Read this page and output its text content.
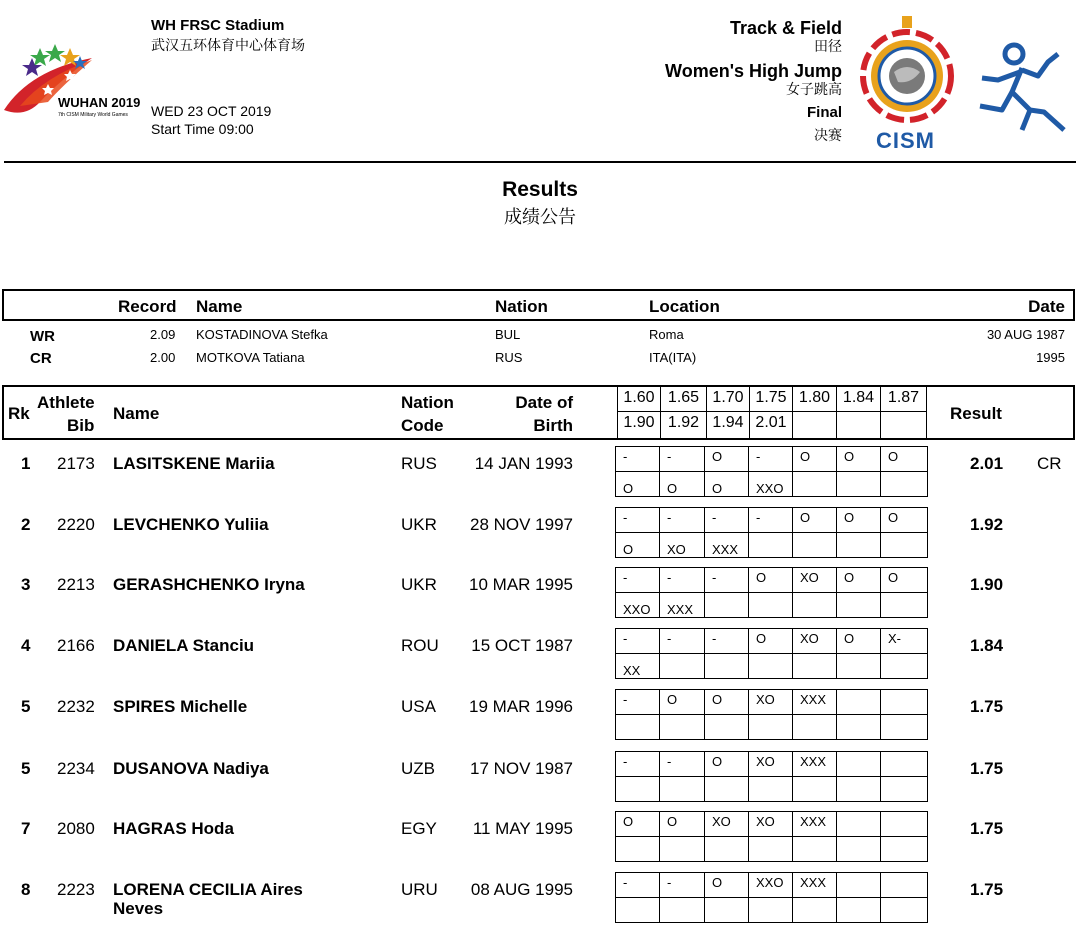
WUHAN 2019
7th CISM Military World Games
WH FRSC Stadium
武汉五环体育中心体育场
WED 23 OCT 2019
Start Time 09:00
Track & Field
田径
Women's High Jump
女子跳高
Final
决赛 CISM
Results
成绩公告
Record Name	Nation	Location	Date
WR	2.09 KOSTADINOVA Stefka	BUL	Roma	30 AUG 1987
CR	2.00 MOTKOVA Tatiana	RUS	ITA(ITA)	1995
Rk
Athlete
Bib
Name
Nation
Code
Date of
Birth
Result
1.60 1.65 1.70 1.75 1.80 1.84 1.87
1.90 1.92 1.94 2.01
1 2173 LASITSKENE Mariia	RUS 14 JAN 1993	2.01 CR
-	-	O	-	O	O	O
O	O	O	XXO
2 2220 LEVCHENKO Yuliia	UKR 28 NOV 1997	1.92
-	-	-	-	O	O	O
O	XO	XXX
3 2213 GERASHCHENKO Iryna	UKR 10 MAR 1995	1.90
-	-	-	O	XO	O	O
XXO	XXX
4 2166 DANIELA Stanciu	ROU 15 OCT 1987	1.84
-	-	-	O	XO	O	X-
XX
5 2232 SPIRES Michelle	USA 19 MAR 1996	1.75
-	O	O	XO	XXX
5 2234 DUSANOVA Nadiya	UZB 17 NOV 1987	1.75
-	-	O	XO	XXX
7 2080 HAGRAS Hoda	EGY 11 MAY 1995	1.75
O	O	XO	XO	XXX
8 2223 LORENA CECILIA Aires Neves
URU 08 AUG 1995	1.75
-	-	O	XXO	XXX
